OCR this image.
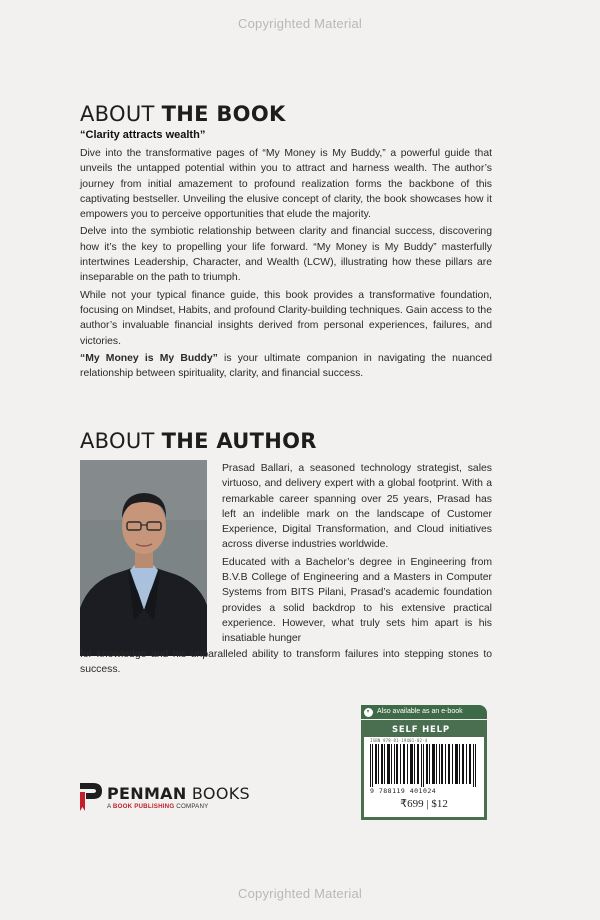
Copyrighted Material
ABOUT THE BOOK
“Clarity attracts wealth”

Dive into the transformative pages of “My Money is My Buddy,” a powerful guide that unveils the untapped potential within you to attract and harness wealth. The author’s journey from initial amazement to profound realization forms the backbone of this captivating bestseller. Unveiling the elusive concept of clarity, the book showcases how it empowers you to perceive opportunities that elude the majority.

Delve into the symbiotic relationship between clarity and financial success, discovering how it’s the key to propelling your life forward. “My Money is My Buddy” masterfully intertwines Leadership, Character, and Wealth (LCW), illustrating how these pillars are inseparable on the path to triumph.

While not your typical finance guide, this book provides a transformative foundation, focusing on Mindset, Habits, and profound Clarity-building techniques. Gain access to the author’s invaluable financial insights derived from personal experiences, failures, and victories.

“My Money is My Buddy” is your ultimate companion in navigating the nuanced relationship between spirituality, clarity, and financial success.

ABOUT THE AUTHOR

Prasad Ballari, a seasoned technology strategist, sales virtuoso, and delivery expert with a global footprint. With a remarkable career spanning over 25 years, Prasad has left an indelible mark on the landscape of Customer Experience, Digital Transformation, and Cloud initiatives across diverse industries worldwide.

Educated with a Bachelor’s degree in Engineering from B.V.B College of Engineering and a Masters in Computer Systems from BITS Pilani, Prasad’s academic foundation provides a solid backdrop to his extensive practical experience. However, what truly sets him apart is his insatiable hunger

for knowledge and his unparalleled ability to transform failures into stepping stones to success.

Also available as an e-book
SELF HELP
ISBN 978-81-19401-02-4
9 788119 401024
₹699 | $12
PENMAN BOOKS
A BOOK PUBLISHING COMPANY
Copyrighted Material
